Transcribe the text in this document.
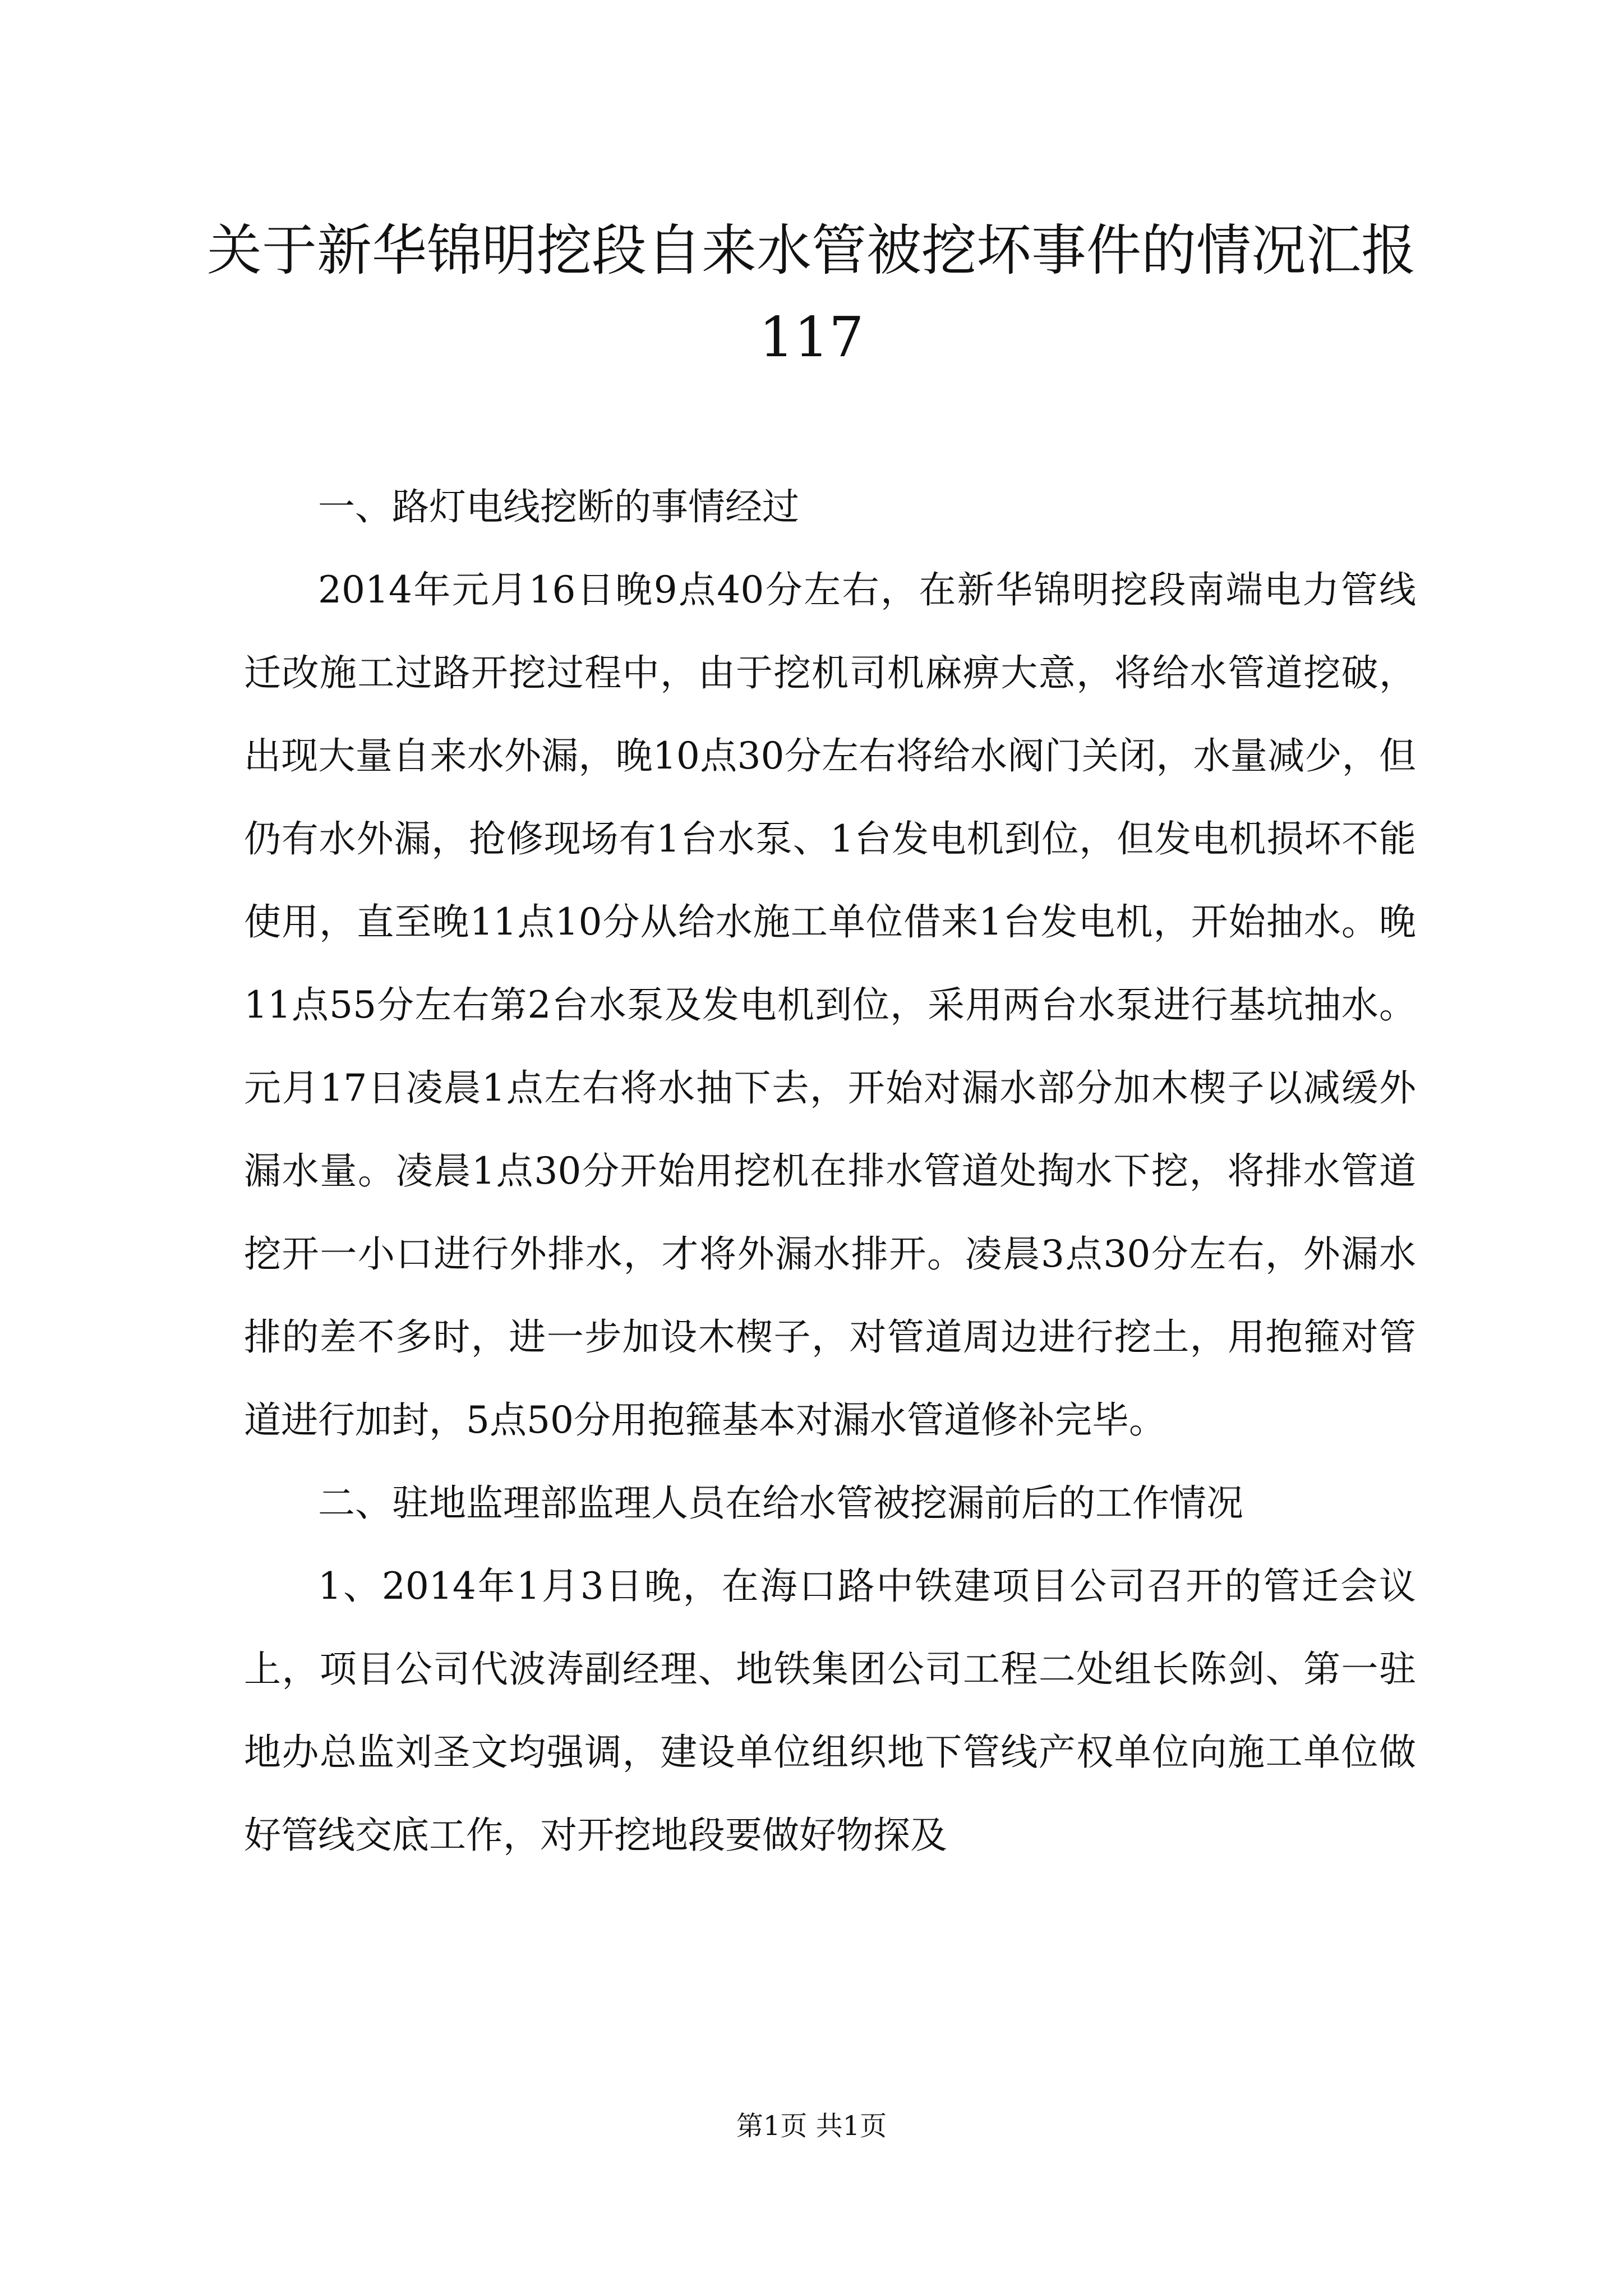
关于新华锦明挖段自来水管被挖坏事件的情况汇报117

一、路灯电线挖断的事情经过

2014年元月16日晚9点40分左右，在新华锦明挖段南端电力管线迁改施工过路开挖过程中，由于挖机司机麻痹大意，将给水管道挖破，出现大量自来水外漏，晚10点30分左右将给水阀门关闭，水量减少，但仍有水外漏，抢修现场有1台水泵、1台发电机到位，但发电机损坏不能使用，直至晚11点10分从给水施工单位借来1台发电机，开始抽水。晚11点55分左右第2台水泵及发电机到位，采用两台水泵进行基坑抽水。元月17日凌晨1点左右将水抽下去，开始对漏水部分加木楔子以减缓外漏水量。凌晨1点30分开始用挖机在排水管道处掏水下挖，将排水管道挖开一小口进行外排水，才将外漏水排开。凌晨3点30分左右，外漏水排的差不多时，进一步加设木楔子，对管道周边进行挖土，用抱箍对管道进行加封，5点50分用抱箍基本对漏水管道修补完毕。

二、驻地监理部监理人员在给水管被挖漏前后的工作情况

1、2014年1月3日晚，在海口路中铁建项目公司召开的管迁会议上，项目公司代波涛副经理、地铁集团公司工程二处组长陈剑、第一驻地办总监刘圣文均强调，建设单位组织地下管线产权单位向施工单位做好管线交底工作，对开挖地段要做好物探及

第1页 共1页
